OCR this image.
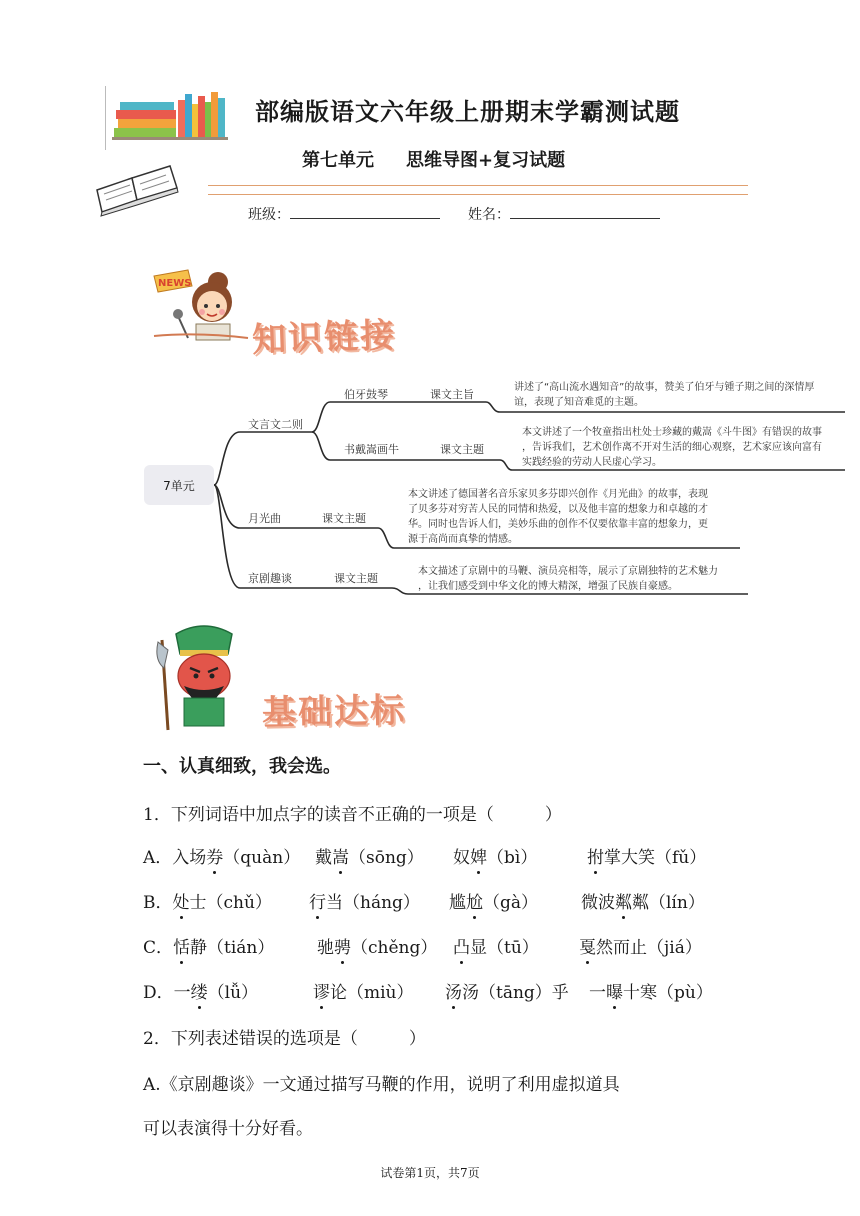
部编版语文六年级上册期末学霸测试题
第七单元 思维导图+复习试题
班级：	姓名：
NEWS
知识链接
7单元
文言文二则
伯牙鼓琴	课文主旨
讲述了“高山流水遇知音”的故事，赞美了伯牙与锺子期之间的深情厚
谊，表现了知音难觅的主题。
书戴嵩画牛	课文主题
本文讲述了一个牧童指出杜处士珍藏的戴嵩《斗牛图》有错误的故事
，告诉我们，艺术创作离不开对生活的细心观察，艺术家应该向富有
实践经验的劳动人民虚心学习。
月光曲	课文主题
本文讲述了德国著名音乐家贝多芬即兴创作《月光曲》的故事，表现
了贝多芬对穷苦人民的同情和热爱，以及他丰富的想象力和卓越的才
华。同时也告诉人们，美妙乐曲的创作不仅要依靠丰富的想象力，更
源于高尚而真挚的情感。
京剧趣谈	课文主题
本文描述了京剧中的马鞭、演员亮相等，展示了京剧独特的艺术魅力
，让我们感受到中华文化的博大精深，增强了民族自豪感。
基础达标
一、认真细致，我会选。
1．下列词语中加点字的读音不正确的一项是（　　　）
A．入场券（quàn） 戴嵩（sōng） 奴婢（bì）	拊掌大笑（fǔ）
B．处士（chǔ） 行当（háng） 尴尬（gà）	微波粼粼（lín）
C．恬静（tián）	驰骋（chěng） 凸显（tū） 戛然而止（jiá）
D．一缕（lǚ）	谬论（miù） 汤汤（tāng）乎 一曝十寒（pù）
2．下列表述错误的选项是（　　　）
A.《京剧趣谈》一文通过描写马鞭的作用，说明了利用虚拟道具
可以表演得十分好看。
试卷第1页，共7页
